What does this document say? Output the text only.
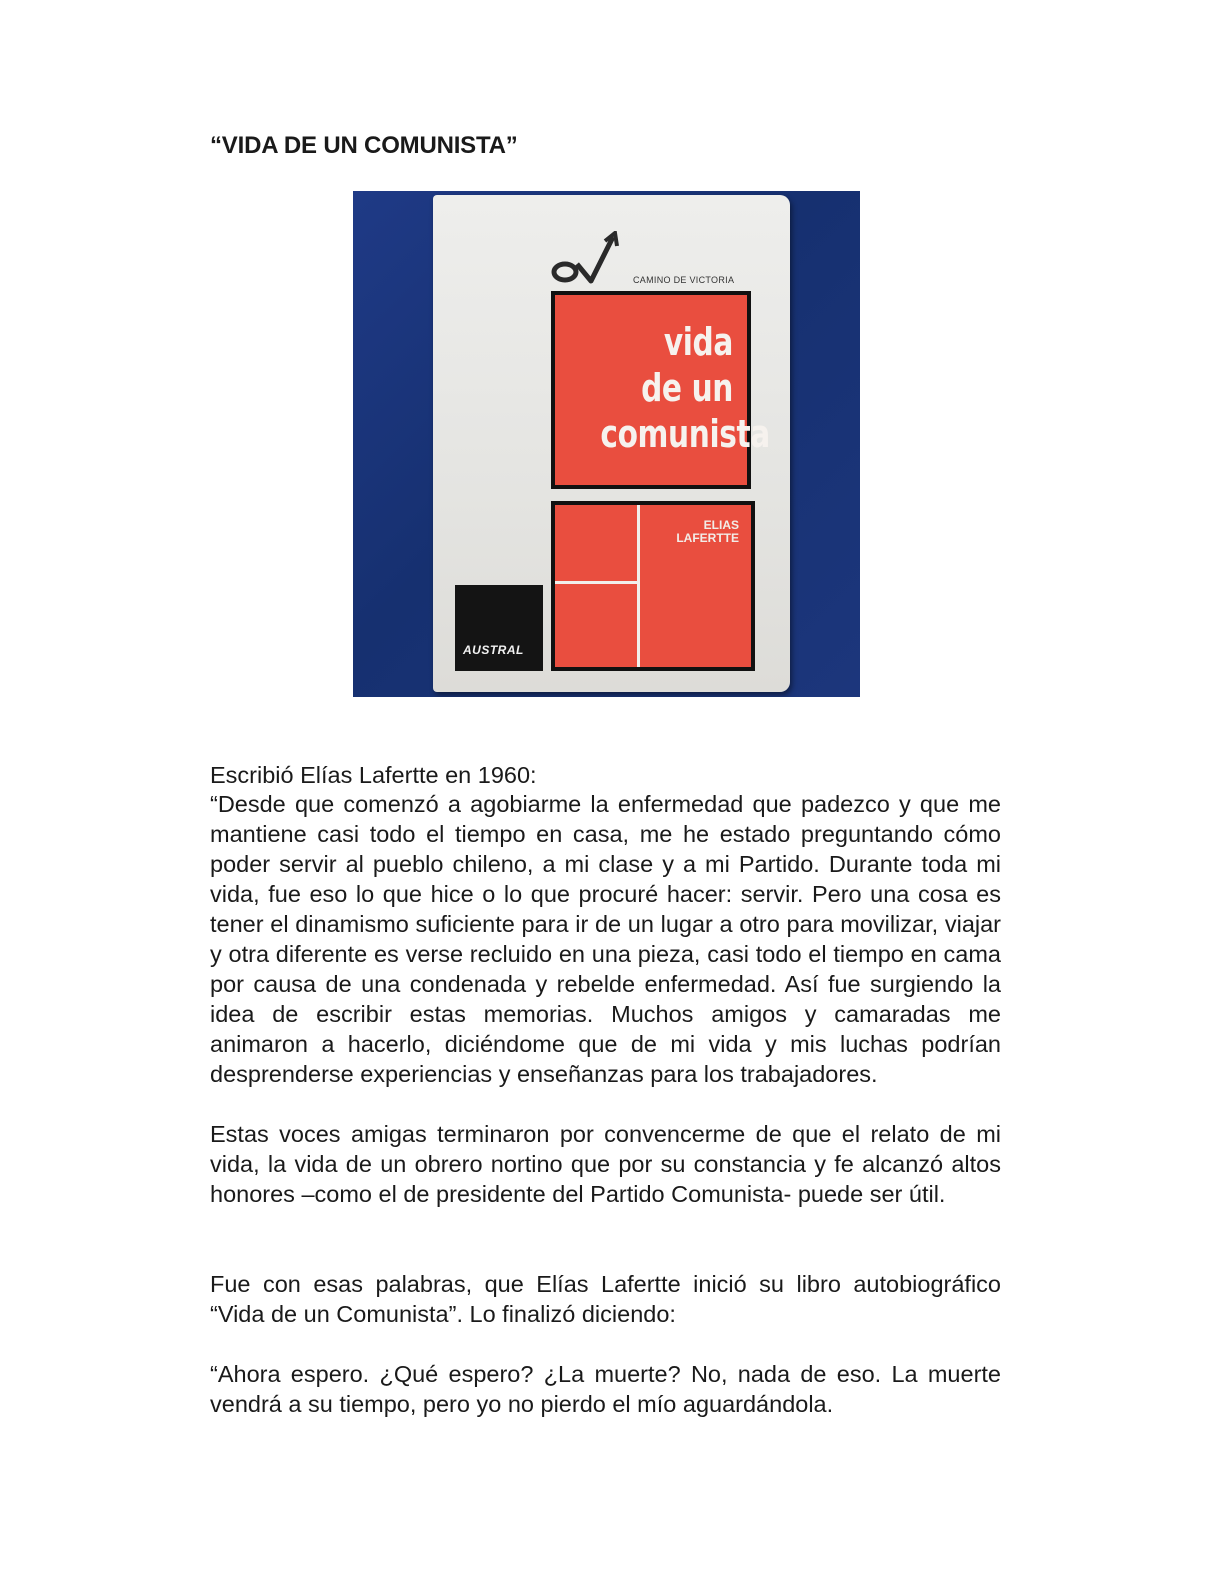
“VIDA DE UN COMUNISTA”
CAMINO DE VICTORIA
vida
de un
comunista
ELIAS
LAFERTTE
AUSTRAL

Escribió Elías Lafertte en 1960:

“Desde que comenzó a agobiarme la enfermedad que padezco y que me mantiene casi todo el tiempo en casa, me he estado preguntando cómo poder servir al pueblo chileno, a mi clase y a mi Partido. Durante toda mi vida, fue eso lo que hice o lo que procuré hacer: servir. Pero una cosa es tener el dinamismo suficiente para ir de un lugar a otro para movilizar, viajar y otra diferente es verse recluido en una pieza, casi todo el tiempo en cama por causa de una condenada y rebelde enfermedad. Así fue surgiendo la idea de escribir estas memorias. Muchos amigos y camaradas me animaron a hacerlo, diciéndome que de mi vida y mis luchas podrían desprenderse experiencias y enseñanzas para los trabajadores.

Estas voces amigas terminaron por convencerme de que el relato de mi vida, la vida de un obrero nortino que por su constancia y fe alcanzó altos honores –como el de presidente del Partido Comunista- puede ser útil.

Fue con esas palabras, que Elías Lafertte inició su libro autobiográfico “Vida de un Comunista”. Lo finalizó diciendo:

“Ahora espero. ¿Qué espero? ¿La muerte? No, nada de eso. La muerte vendrá a su tiempo, pero yo no pierdo el mío aguardándola.
